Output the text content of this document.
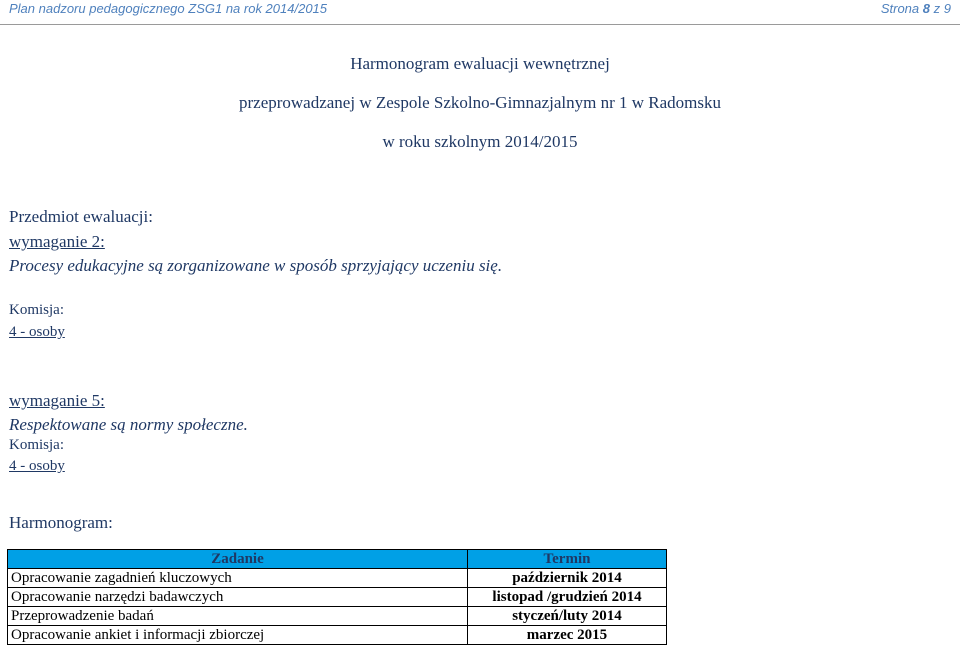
Plan nadzoru pedagogicznego ZSG1 na rok 2014/2015	Strona 8 z 9
Harmonogram ewaluacji wewnętrznej
przeprowadzanej w Zespole Szkolno-Gimnazjalnym nr 1 w Radomsku
w roku szkolnym 2014/2015
Przedmiot ewaluacji:
wymaganie 2:
Procesy edukacyjne są zorganizowane w sposób sprzyjający uczeniu się.
Komisja:
4 - osoby
wymaganie 5:
Respektowane są normy społeczne.
Komisja:
4 - osoby
Harmonogram:
Zadanie	Termin
Opracowanie zagadnień kluczowych	październik 2014
Opracowanie narzędzi badawczych	listopad /grudzień 2014
Przeprowadzenie badań	styczeń/luty 2014
Opracowanie ankiet i informacji zbiorczej	marzec 2015
